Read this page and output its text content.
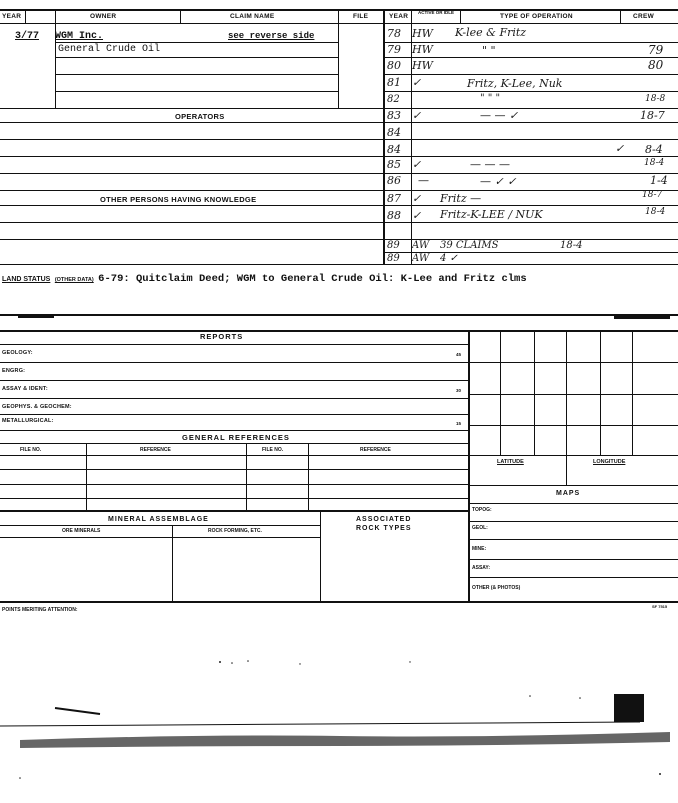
YEAR	OWNER	CLAIM NAME	FILE
3/77 WGM Inc.	see reverse side
General Crude Oil
OPERATORS
OTHER PERSONS HAVING KNOWLEDGE
YEAR
ACTIVE OR IDLE
TYPE OF OPERATION	CREW
78 HW K-lee & Fritz
79 HW	" "	79
80 HW	80
81 ✓	Fritz, K-Lee, Nuk
82	" " "	18-8
83 ✓	— — ✓	18-7
84
84	✓ 8-4
85 ✓	— — —	18-4
86 —	— ✓ ✓	1-4
87 ✓ Fritz —	18-7
88 ✓ Fritz-K-LEE / NUK	18-4
89 AW 39 CLAIMS	18-4
89 AW 4 ✓
LAND STATUS (OTHER DATA) 6-79: Quitclaim Deed; WGM to General Crude Oil: K-Lee and Fritz clms
REPORTS
GEOLOGY:	45
ENGRG:
ASSAY & IDENT:	30
GEOPHYS. & GEOCHEM:
METALLURGICAL:	15
GENERAL REFERENCES
FILE NO.	REFERENCE	FILE NO.	REFERENCE
MINERAL ASSEMBLAGE
ORE MINERALS	ROCK FORMING, ETC.
ASSOCIATED
ROCK TYPES
LATITUDE	LONGITUDE
MAPS
TOPOG:
GEOL:
MINE:
ASSAY:
OTHER (& PHOTOS)
POINTS MERITING ATTENTION:
SF 7515
